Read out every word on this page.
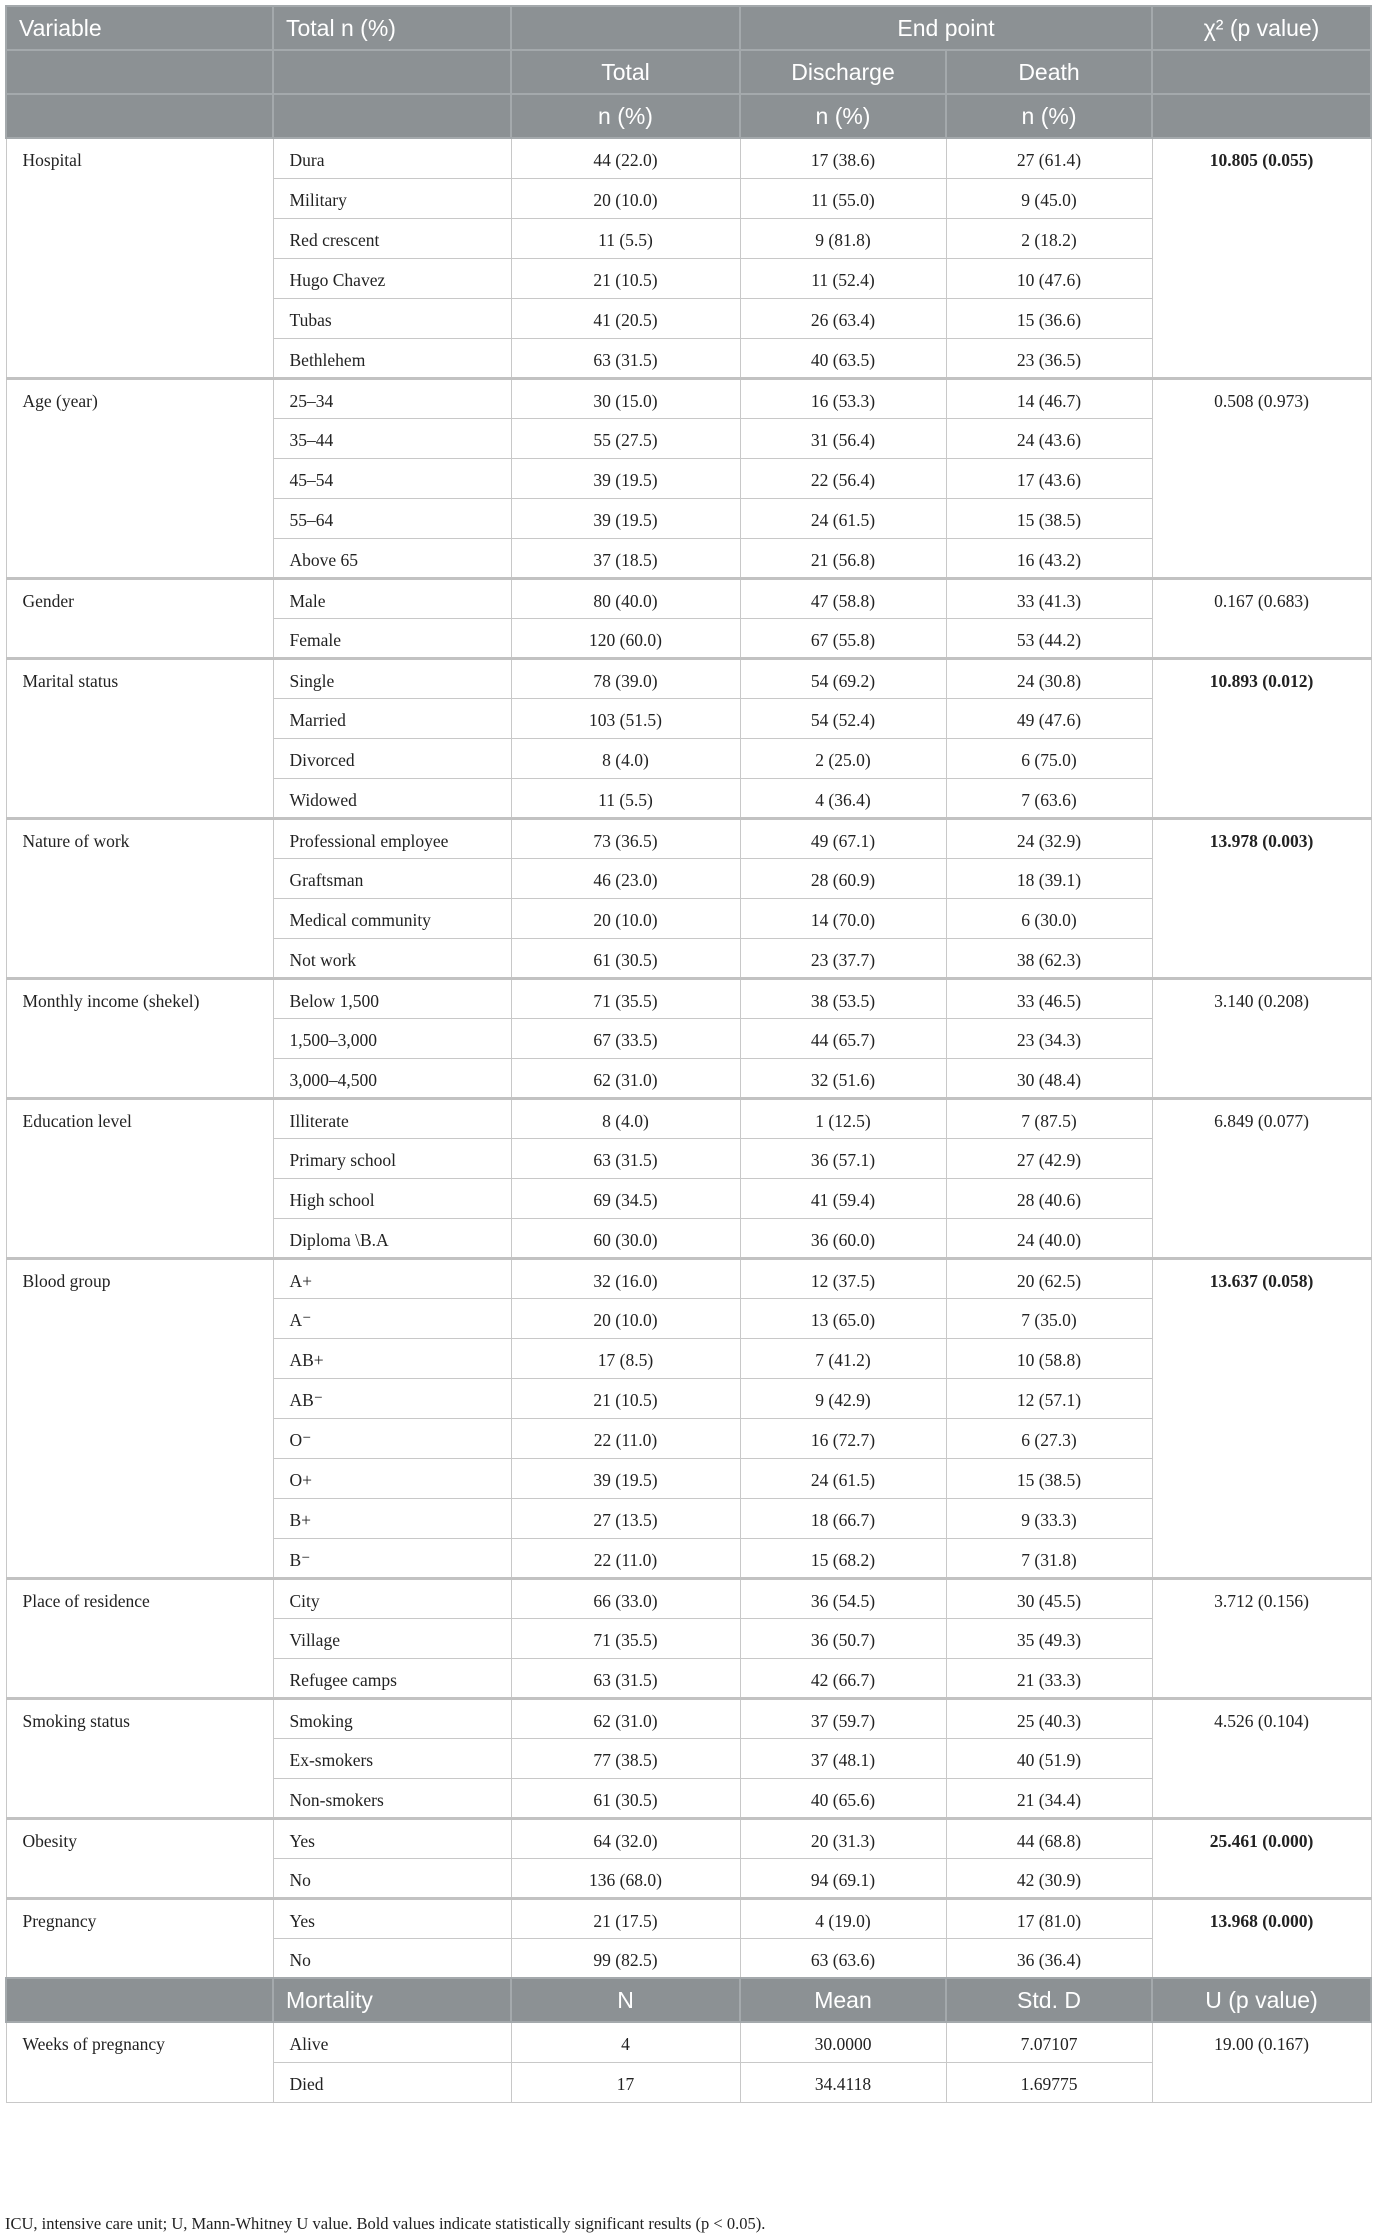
Variable	Total n (%)		End point		χ² (p value)
		Total	Discharge	Death	
		n (%)	n (%)	n (%)	
Hospital	Dura	44 (22.0)	17 (38.6)	27 (61.4)	10.805 (0.055)
	Military	20 (10.0)	11 (55.0)	9 (45.0)	
	Red crescent	11 (5.5)	9 (81.8)	2 (18.2)	
	Hugo Chavez	21 (10.5)	11 (52.4)	10 (47.6)	
	Tubas	41 (20.5)	26 (63.4)	15 (36.6)	
	Bethlehem	63 (31.5)	40 (63.5)	23 (36.5)	
Age (year)	25–34	30 (15.0)	16 (53.3)	14 (46.7)	0.508 (0.973)
	35–44	55 (27.5)	31 (56.4)	24 (43.6)	
	45–54	39 (19.5)	22 (56.4)	17 (43.6)	
	55–64	39 (19.5)	24 (61.5)	15 (38.5)	
	Above 65	37 (18.5)	21 (56.8)	16 (43.2)	
Gender	Male	80 (40.0)	47 (58.8)	33 (41.3)	0.167 (0.683)
	Female	120 (60.0)	67 (55.8)	53 (44.2)	
Marital status	Single	78 (39.0)	54 (69.2)	24 (30.8)	10.893 (0.012)
	Married	103 (51.5)	54 (52.4)	49 (47.6)	
	Divorced	8 (4.0)	2 (25.0)	6 (75.0)	
	Widowed	11 (5.5)	4 (36.4)	7 (63.6)	
Nature of work	Professional employee	73 (36.5)	49 (67.1)	24 (32.9)	13.978 (0.003)
	Graftsman	46 (23.0)	28 (60.9)	18 (39.1)	
	Medical community	20 (10.0)	14 (70.0)	6 (30.0)	
	Not work	61 (30.5)	23 (37.7)	38 (62.3)	
Monthly income (shekel)	Below 1,500	71 (35.5)	38 (53.5)	33 (46.5)	3.140 (0.208)
	1,500–3,000	67 (33.5)	44 (65.7)	23 (34.3)	
	3,000–4,500	62 (31.0)	32 (51.6)	30 (48.4)	
Education level	Illiterate	8 (4.0)	1 (12.5)	7 (87.5)	6.849 (0.077)
	Primary school	63 (31.5)	36 (57.1)	27 (42.9)	
	High school	69 (34.5)	41 (59.4)	28 (40.6)	
	Diploma \B.A	60 (30.0)	36 (60.0)	24 (40.0)	
Blood group	A+	32 (16.0)	12 (37.5)	20 (62.5)	13.637 (0.058)
	A⁻	20 (10.0)	13 (65.0)	7 (35.0)	
	AB+	17 (8.5)	7 (41.2)	10 (58.8)	
	AB⁻	21 (10.5)	9 (42.9)	12 (57.1)	
	O⁻	22 (11.0)	16 (72.7)	6 (27.3)	
	O+	39 (19.5)	24 (61.5)	15 (38.5)	
	B+	27 (13.5)	18 (66.7)	9 (33.3)	
	B⁻	22 (11.0)	15 (68.2)	7 (31.8)	
Place of residence	City	66 (33.0)	36 (54.5)	30 (45.5)	3.712 (0.156)
	Village	71 (35.5)	36 (50.7)	35 (49.3)	
	Refugee camps	63 (31.5)	42 (66.7)	21 (33.3)	
Smoking status	Smoking	62 (31.0)	37 (59.7)	25 (40.3)	4.526 (0.104)
	Ex-smokers	77 (38.5)	37 (48.1)	40 (51.9)	
	Non-smokers	61 (30.5)	40 (65.6)	21 (34.4)	
Obesity	Yes	64 (32.0)	20 (31.3)	44 (68.8)	25.461 (0.000)
	No	136 (68.0)	94 (69.1)	42 (30.9)	
Pregnancy	Yes	21 (17.5)	4 (19.0)	17 (81.0)	13.968 (0.000)
	No	99 (82.5)	63 (63.6)	36 (36.4)	
	Mortality	N	Mean	Std. D	U (p value)
Weeks of pregnancy	Alive	4	30.0000	7.07107	19.00 (0.167)
	Died	17	34.4118	1.69775	
ICU, intensive care unit; U, Mann-Whitney U value. Bold values indicate statistically significant results (p < 0.05).
